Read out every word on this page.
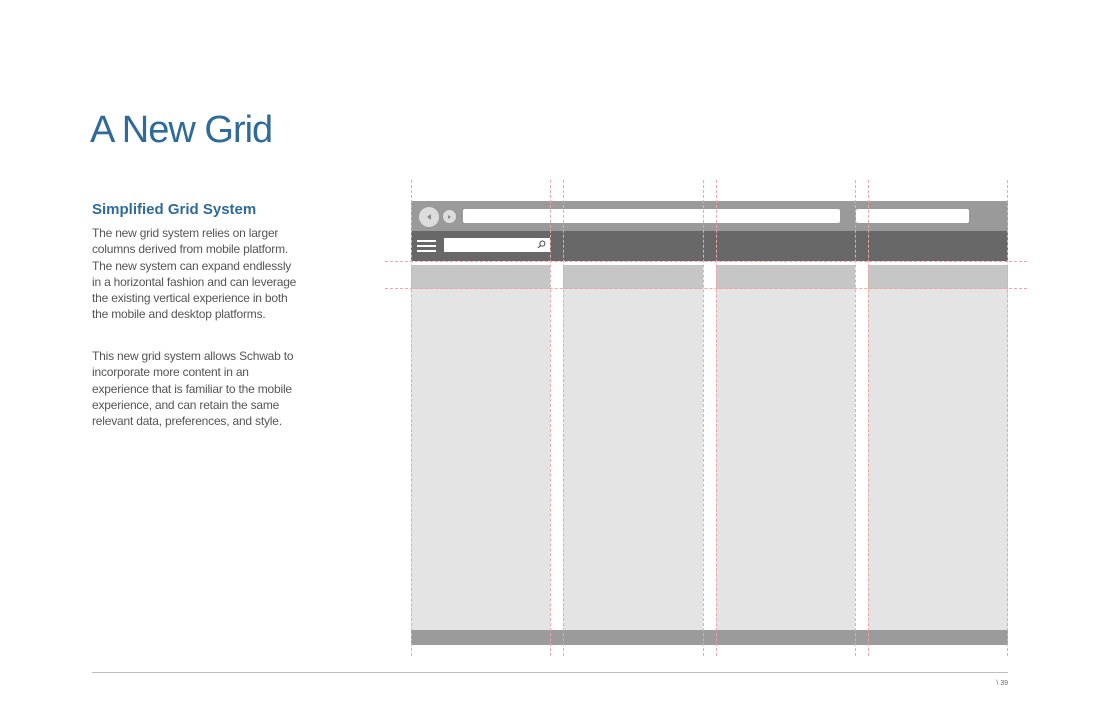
A New Grid
Simplified Grid System

The new grid system relies on larger columns derived from mobile platform. The new system can expand endlessly in a horizontal fashion and can leverage the existing vertical experience in both the mobile and desktop platforms.

This new grid system allows Schwab to incorporate more content in an experience that is familiar to the mobile experience, and can retain the same relevant data, preferences, and style.

\ 39
